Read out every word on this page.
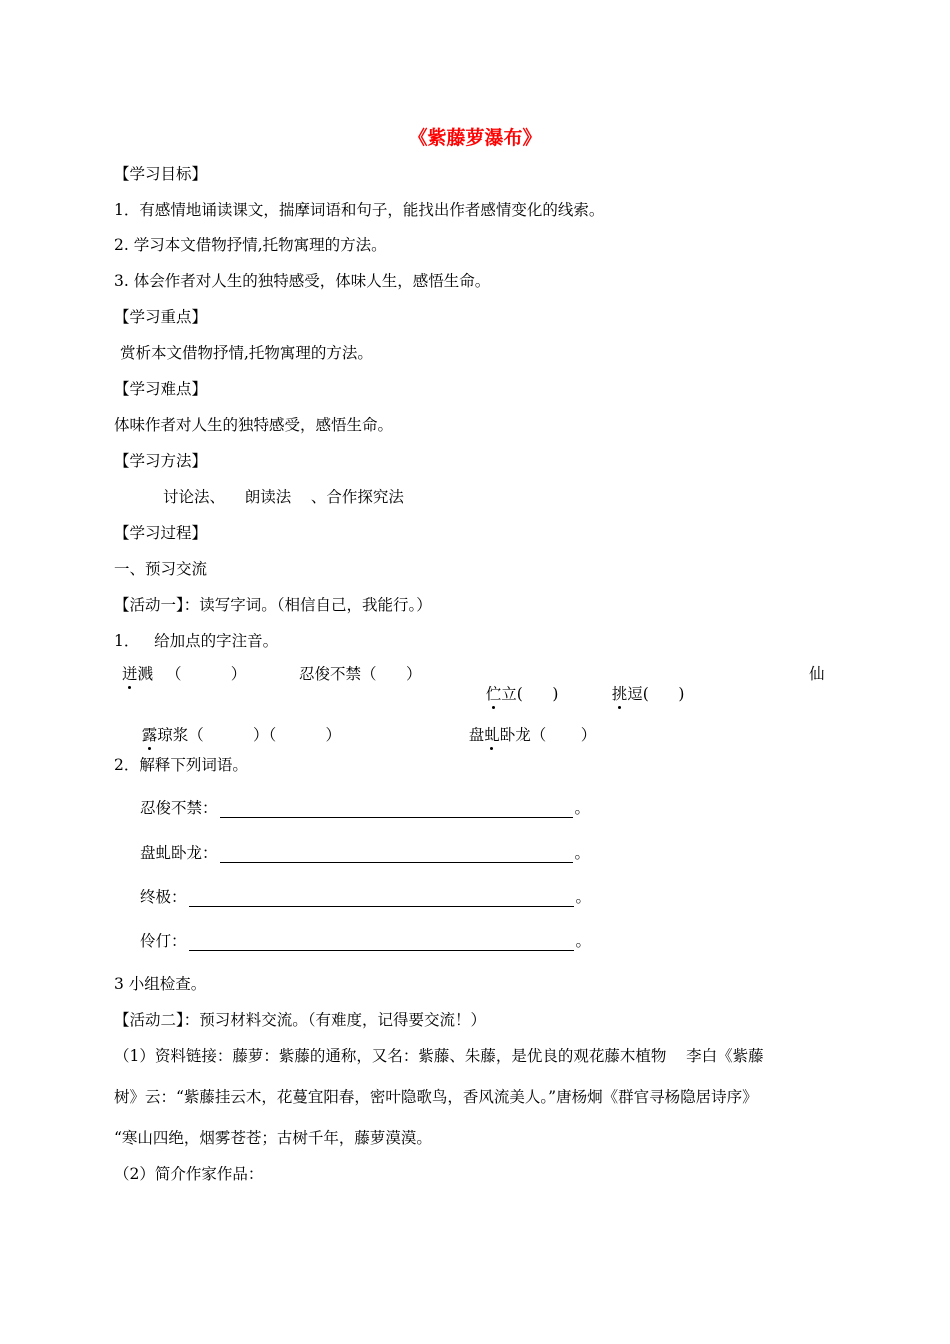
《紫藤萝瀑布》
【学习目标】
1．有感情地诵读课文，揣摩词语和句子，能找出作者感情变化的线索。
2. 学习本文借物抒情,托物寓理的方法。
3. 体会作者对人生的独特感受，体味人生，感悟生命。
【学习重点】
赏析本文借物抒情,托物寓理的方法。
【学习难点】
体味作者对人生的独特感受，感悟生命。
【学习方法】
讨论法、    朗读法    、合作探究法
【学习过程】
一、预习交流
【活动一】：读写字词。（相信自己，我能行。）
1．   给加点的字注音。
迸溅 （          ）	忍俊不禁（      ）

伫立(      )
	挑逗(      )

仙

露琼浆（          ）（          ）
	盘虬卧龙（       ）

2．解释下列词语。
忍俊不禁：	。
盘虬卧龙：	。
终极：	。
伶仃：	。
3 小组检查。
【活动二】：预习材料交流。（有难度，记得要交流！）
（1）资料链接：藤萝：紫藤的通称，又名：紫藤、朱藤，是优良的观花藤木植物    李白《紫藤
树》云：“紫藤挂云木，花蔓宜阳春，密叶隐歌鸟，香风流美人。”唐杨炯《群官寻杨隐居诗序》
“寒山四绝，烟雾苍苍；古树千年，藤萝漠漠。
（2）简介作家作品：
